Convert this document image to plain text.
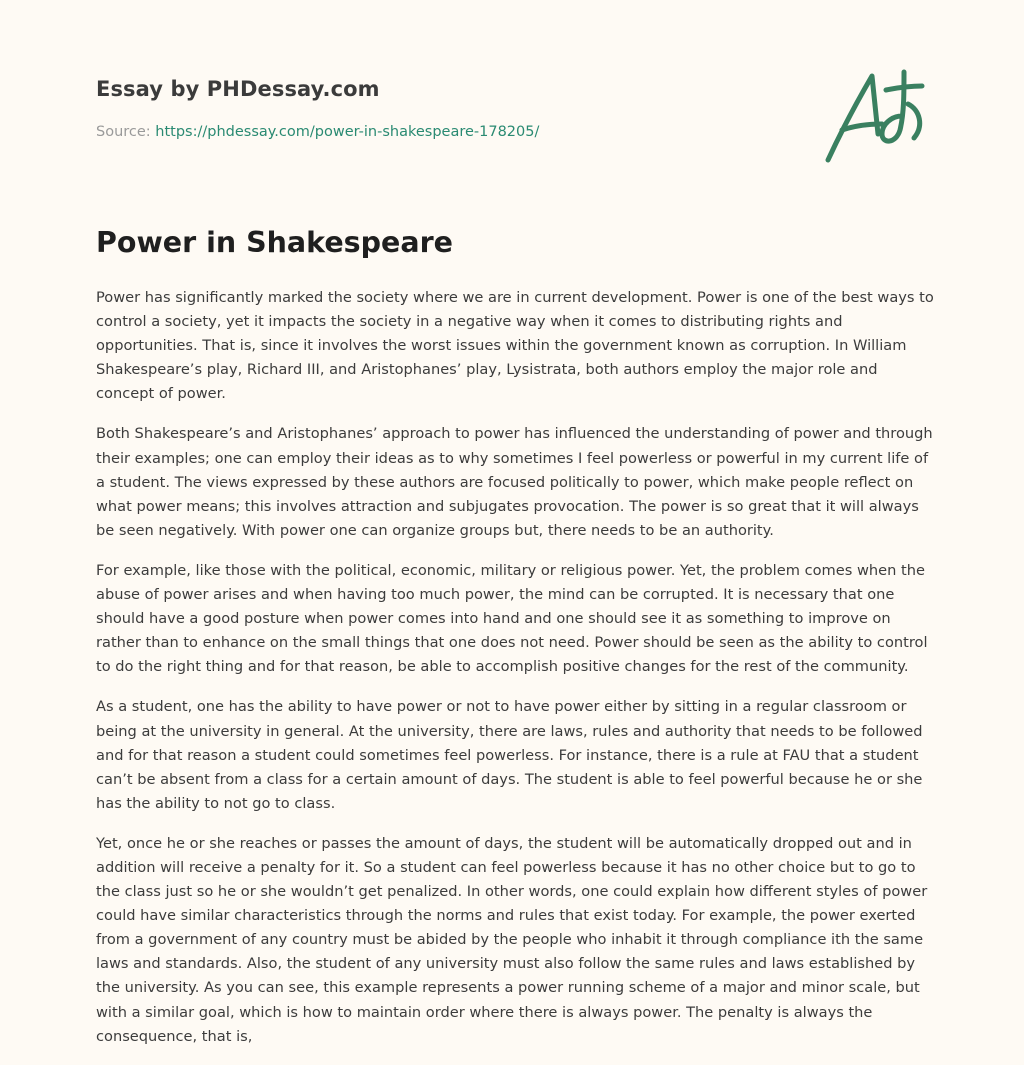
Essay by PHDessay.com
Source: https://phdessay.com/power-in-shakespeare-178205/
Power in Shakespeare

Power has significantly marked the society where we are in current development. Power is one of the best ways to control a society, yet it impacts the society in a negative way when it comes to distributing rights and opportunities. That is, since it involves the worst issues within the government known as corruption. In William Shakespeare’s play, Richard III, and Aristophanes’ play, Lysistrata, both authors employ the major role and concept of power.

Both Shakespeare’s and Aristophanes’ approach to power has influenced the understanding of power and through their examples; one can employ their ideas as to why sometimes I feel powerless or powerful in my current life of a student. The views expressed by these authors are focused politically to power, which make people reflect on what power means; this involves attraction and subjugates provocation. The power is so great that it will always be seen negatively. With power one can organize groups but, there needs to be an authority.

For example, like those with the political, economic, military or religious power. Yet, the problem comes when the abuse of power arises and when having too much power, the mind can be corrupted. It is necessary that one should have a good posture when power comes into hand and one should see it as something to improve on rather than to enhance on the small things that one does not need. Power should be seen as the ability to control to do the right thing and for that reason, be able to accomplish positive changes for the rest of the community.

As a student, one has the ability to have power or not to have power either by sitting in a regular classroom or being at the university in general. At the university, there are laws, rules and authority that needs to be followed and for that reason a student could sometimes feel powerless. For instance, there is a rule at FAU that a student can’t be absent from a class for a certain amount of days. The student is able to feel powerful because he or she has the ability to not go to class.

Yet, once he or she reaches or passes the amount of days, the student will be automatically dropped out and in addition will receive a penalty for it. So a student can feel powerless because it has no other choice but to go to the class just so he or she wouldn’t get penalized. In other words, one could explain how different styles of power could have similar characteristics through the norms and rules that exist today. For example, the power exerted from a government of any country must be abided by the people who inhabit it through compliance ith the same laws and standards. Also, the student of any university must also follow the same rules and laws established by the university. As you can see, this example represents a power running scheme of a major and minor scale, but with a similar goal, which is how to maintain order where there is always power. The penalty is always the consequence, that is,
